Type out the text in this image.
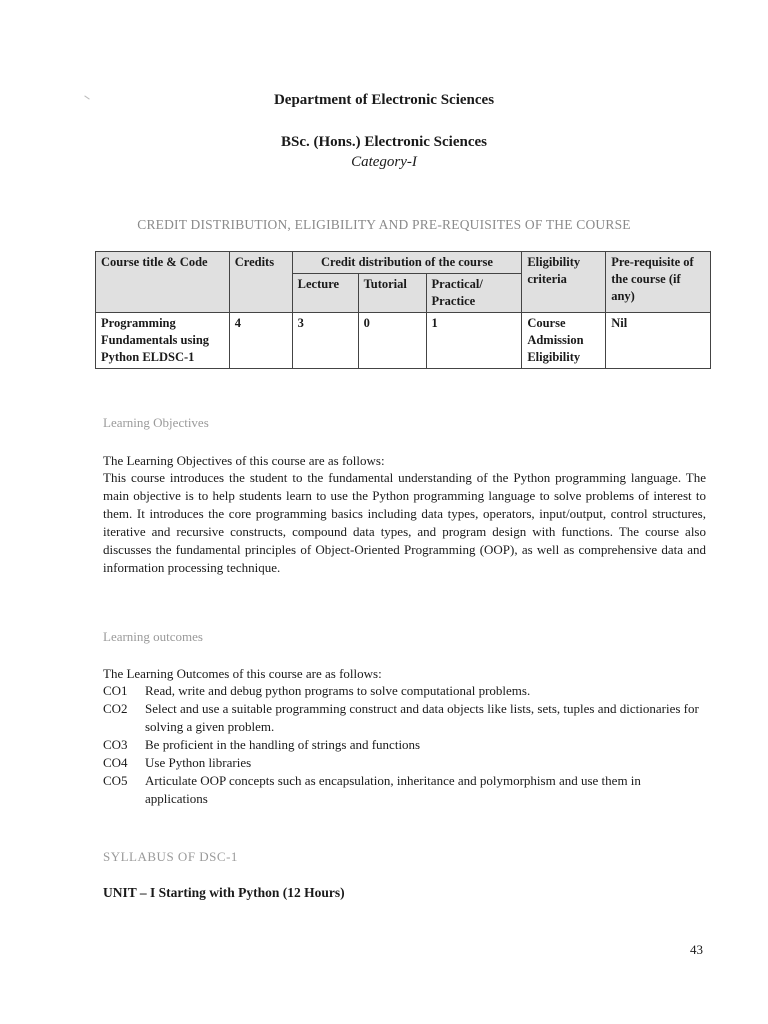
Department of Electronic Sciences
BSc. (Hons.) Electronic Sciences
Category-I
CREDIT DISTRIBUTION, ELIGIBILITY AND PRE-REQUISITES OF THE COURSE
Course title & Code	Credits	Credit distribution of the course			Eligibility criteria	Pre-requisite of the course (if any)
		Lecture	Tutorial	Practical/ Practice		
Programming Fundamentals using Python ELDSC-1	4	3	0	1	Course Admission Eligibility	Nil
Learning Objectives
The Learning Objectives of this course are as follows:
This course introduces the student to the fundamental understanding of the Python programming language. The main objective is to help students learn to use the Python programming language to solve problems of interest to them. It introduces the core programming basics including data types, operators, input/output, control structures, iterative and recursive constructs, compound data types, and program design with functions. The course also discusses the fundamental principles of Object-Oriented Programming (OOP), as well as comprehensive data and information processing technique.
Learning outcomes
The Learning Outcomes of this course are as follows:
CO1	Read, write and debug python programs to solve computational problems.
CO2	Select and use a suitable programming construct and data objects like lists, sets, tuples and dictionaries for solving a given problem.
CO3	Be proficient in the handling of strings and functions
CO4	Use Python libraries
CO5	Articulate OOP concepts such as encapsulation, inheritance and polymorphism and use them in applications
SYLLABUS OF DSC-1
UNIT – I Starting with Python (12 Hours)
43
